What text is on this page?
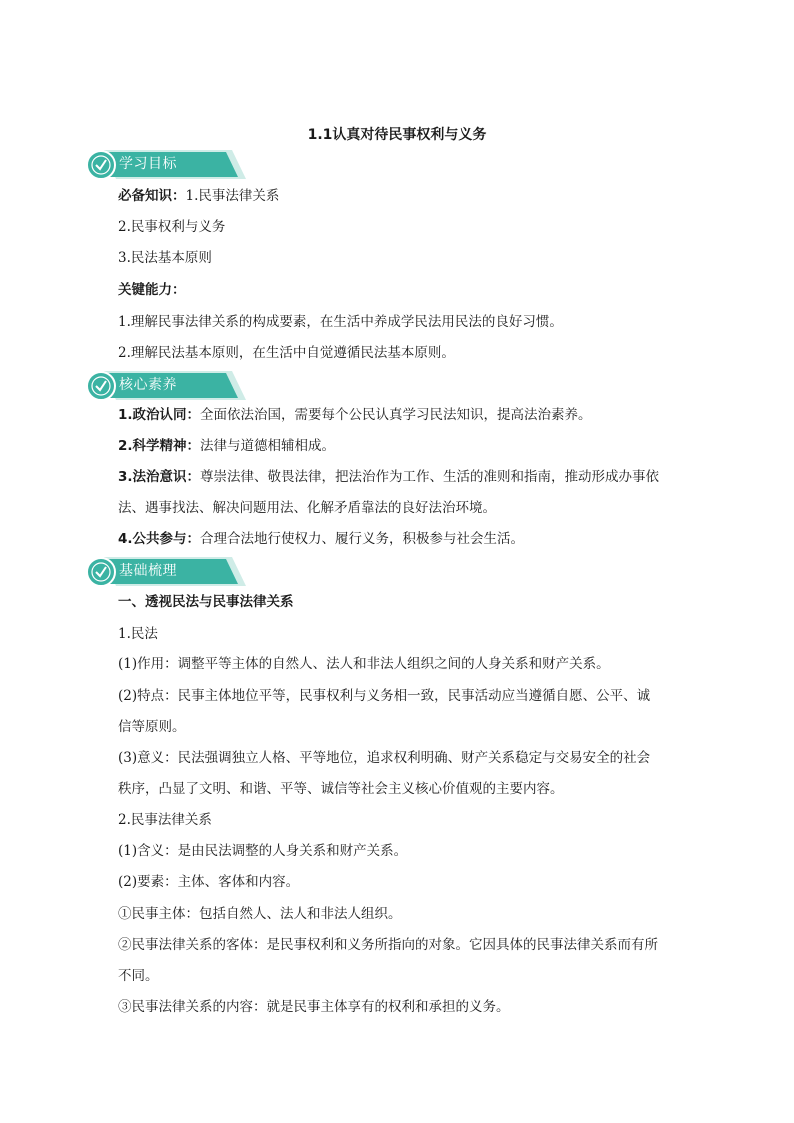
1.1认真对待民事权利与义务
学习目标
必备知识：1.民事法律关系
2.民事权利与义务
3.民法基本原则
关键能力：
1.理解民事法律关系的构成要素，在生活中养成学民法用民法的良好习惯。
2.理解民法基本原则，在生活中自觉遵循民法基本原则。
核心素养
1.政治认同：全面依法治国，需要每个公民认真学习民法知识，提高法治素养。
2.科学精神：法律与道德相辅相成。
3.法治意识：尊崇法律、敬畏法律，把法治作为工作、生活的准则和指南，推动形成办事依
法、遇事找法、解决问题用法、化解矛盾靠法的良好法治环境。
4.公共参与：合理合法地行使权力、履行义务，积极参与社会生活。
基础梳理
一、透视民法与民事法律关系
1.民法
(1)作用：调整平等主体的自然人、法人和非法人组织之间的人身关系和财产关系。
(2)特点：民事主体地位平等，民事权利与义务相一致，民事活动应当遵循自愿、公平、诚
信等原则。
(3)意义：民法强调独立人格、平等地位，追求权利明确、财产关系稳定与交易安全的社会
秩序，凸显了文明、和谐、平等、诚信等社会主义核心价值观的主要内容。
2.民事法律关系
(1)含义：是由民法调整的人身关系和财产关系。
(2)要素：主体、客体和内容。
①民事主体：包括自然人、法人和非法人组织。
②民事法律关系的客体：是民事权利和义务所指向的对象。它因具体的民事法律关系而有所
不同。
③民事法律关系的内容：就是民事主体享有的权利和承担的义务。
